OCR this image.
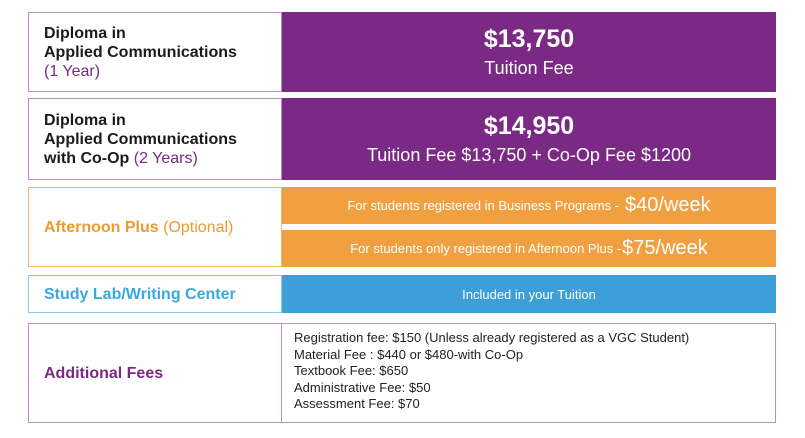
Diploma in
Applied Communications
(1 Year)
$13,750
Tuition Fee
Diploma in
Applied Communications
with Co-Op (2 Years)
$14,950
Tuition Fee $13,750 + Co-Op Fee $1200
Afternoon Plus (Optional)
For students registered in Business Programs - $40/week
For students only registered in Afternoon Plus - $75/week
Study Lab/Writing Center	Included in your Tuition
Additional Fees
Registration fee: $150 (Unless already registered as a VGC Student)
Material Fee : $440 or $480-with Co-Op
Textbook Fee: $650
Administrative Fee: $50
Assessment Fee: $70
